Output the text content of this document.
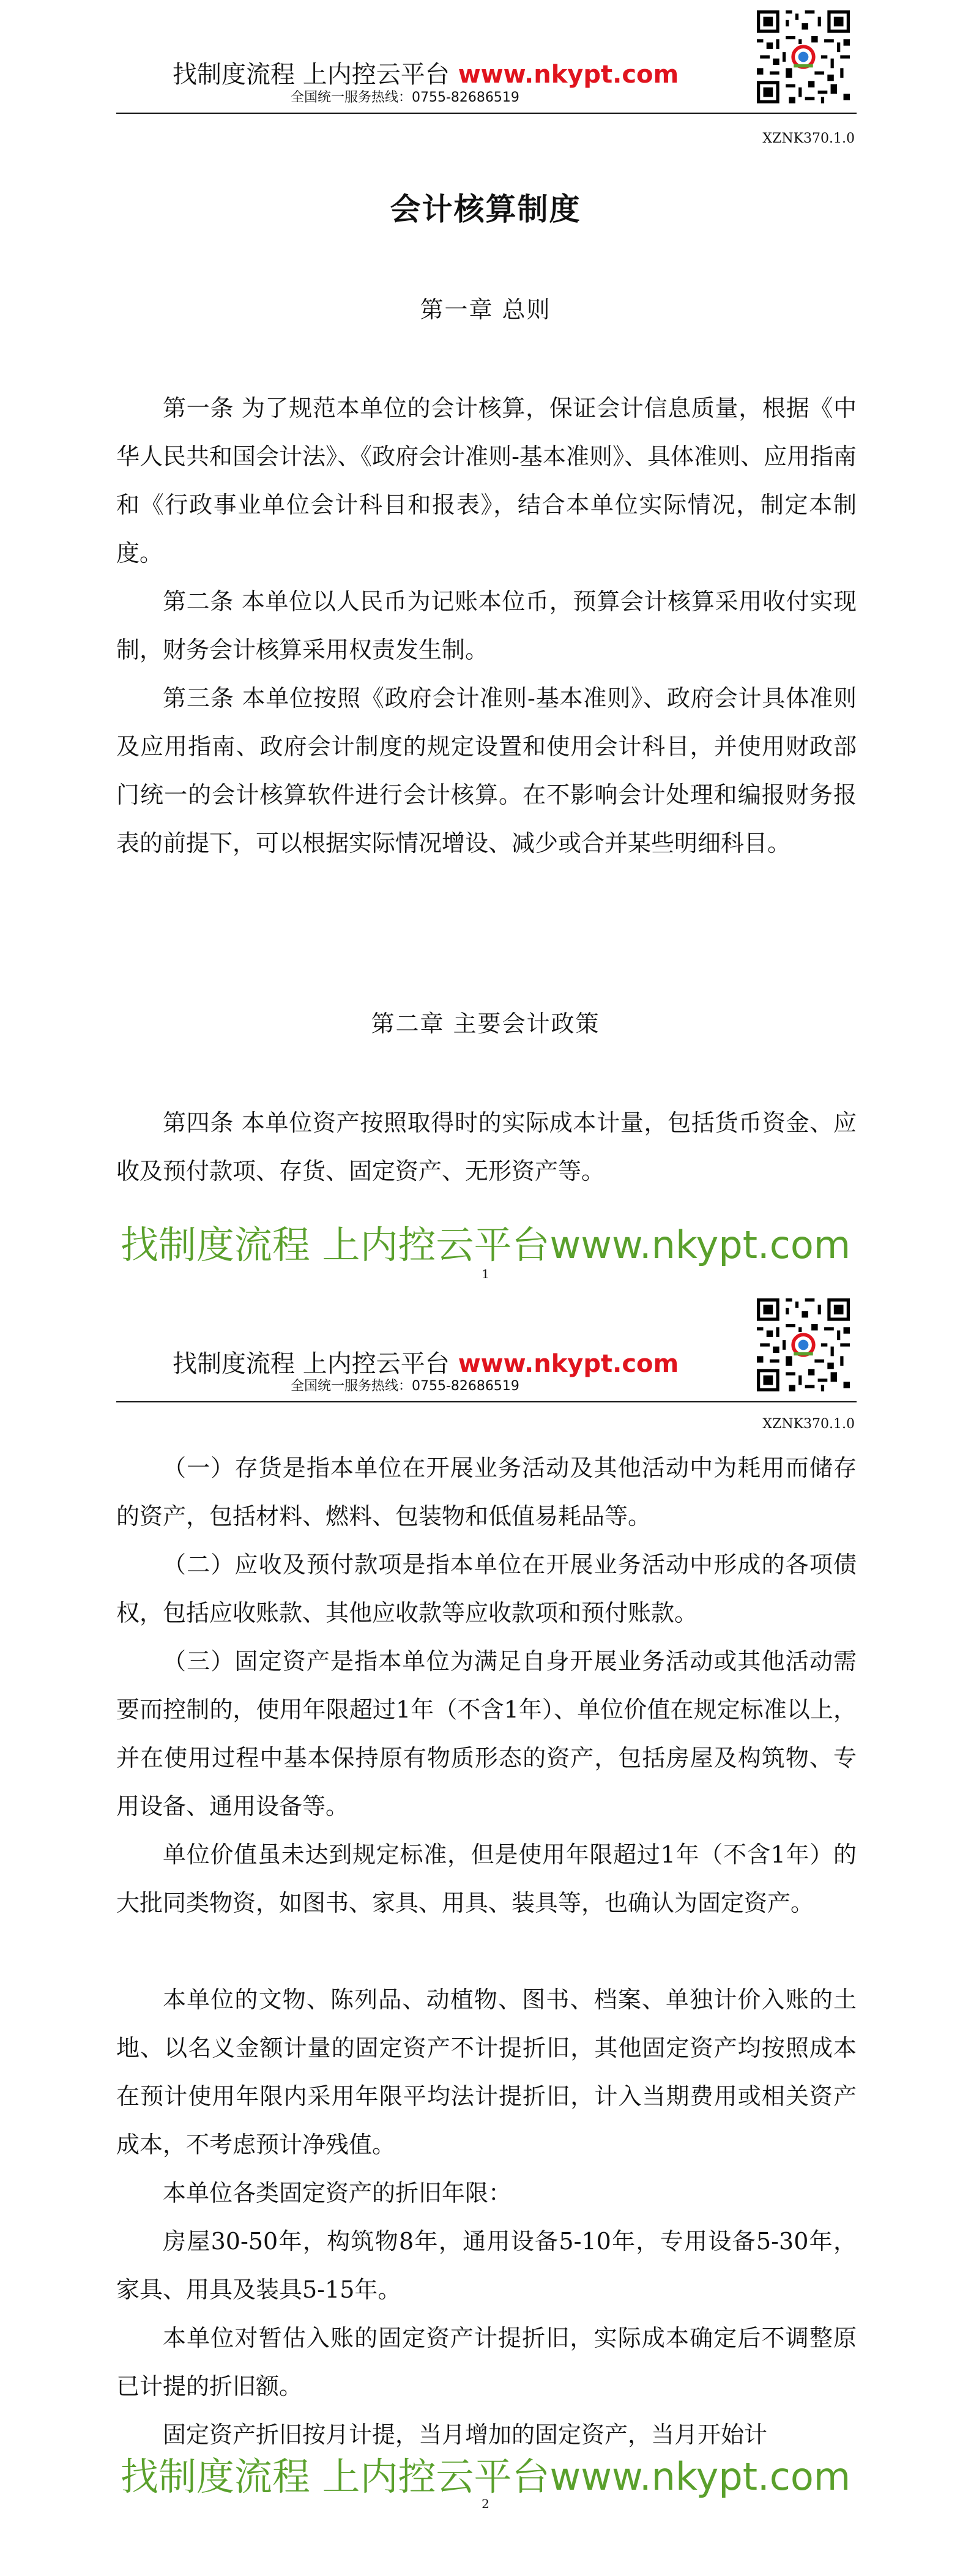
找制度流程 上内控云平台 www.nkypt.com
全国统一服务热线：0755-82686519
XZNK370.1.0
会计核算制度
第一章 总则

第一条 为了规范本单位的会计核算，保证会计信息质量，根据《中华人民共和国会计法》、《政府会计准则-基本准则》、具体准则、应用指南和《行政事业单位会计科目和报表》，结合本单位实际情况，制定本制度。

第二条 本单位以人民币为记账本位币，预算会计核算采用收付实现制，财务会计核算采用权责发生制。

第三条 本单位按照《政府会计准则-基本准则》、政府会计具体准则及应用指南、政府会计制度的规定设置和使用会计科目，并使用财政部门统一的会计核算软件进行会计核算。在不影响会计处理和编报财务报表的前提下，可以根据实际情况增设、减少或合并某些明细科目。

第二章 主要会计政策

第四条 本单位资产按照取得时的实际成本计量，包括货币资金、应收及预付款项、存货、固定资产、无形资产等。

找制度流程 上内控云平台www.nkypt.com
1
找制度流程 上内控云平台 www.nkypt.com
全国统一服务热线：0755-82686519
XZNK370.1.0

（一）存货是指本单位在开展业务活动及其他活动中为耗用而储存的资产，包括材料、燃料、包装物和低值易耗品等。

（二）应收及预付款项是指本单位在开展业务活动中形成的各项债权，包括应收账款、其他应收款等应收款项和预付账款。

（三）固定资产是指本单位为满足自身开展业务活动或其他活动需要而控制的，使用年限超过1年（不含1年）、单位价值在规定标准以上，并在使用过程中基本保持原有物质形态的资产，包括房屋及构筑物、专用设备、通用设备等。

单位价值虽未达到规定标准，但是使用年限超过1年（不含1年）的大批同类物资，如图书、家具、用具、装具等，也确认为固定资产。

本单位的文物、陈列品、动植物、图书、档案、单独计价入账的土地、以名义金额计量的固定资产不计提折旧，其他固定资产均按照成本在预计使用年限内采用年限平均法计提折旧，计入当期费用或相关资产成本，不考虑预计净残值。

本单位各类固定资产的折旧年限：

房屋30-50年，构筑物8年，通用设备5-10年，专用设备5-30年，家具、用具及装具5-15年。

本单位对暂估入账的固定资产计提折旧，实际成本确定后不调整原已计提的折旧额。

固定资产折旧按月计提，当月增加的固定资产，当月开始计

找制度流程 上内控云平台www.nkypt.com
2
